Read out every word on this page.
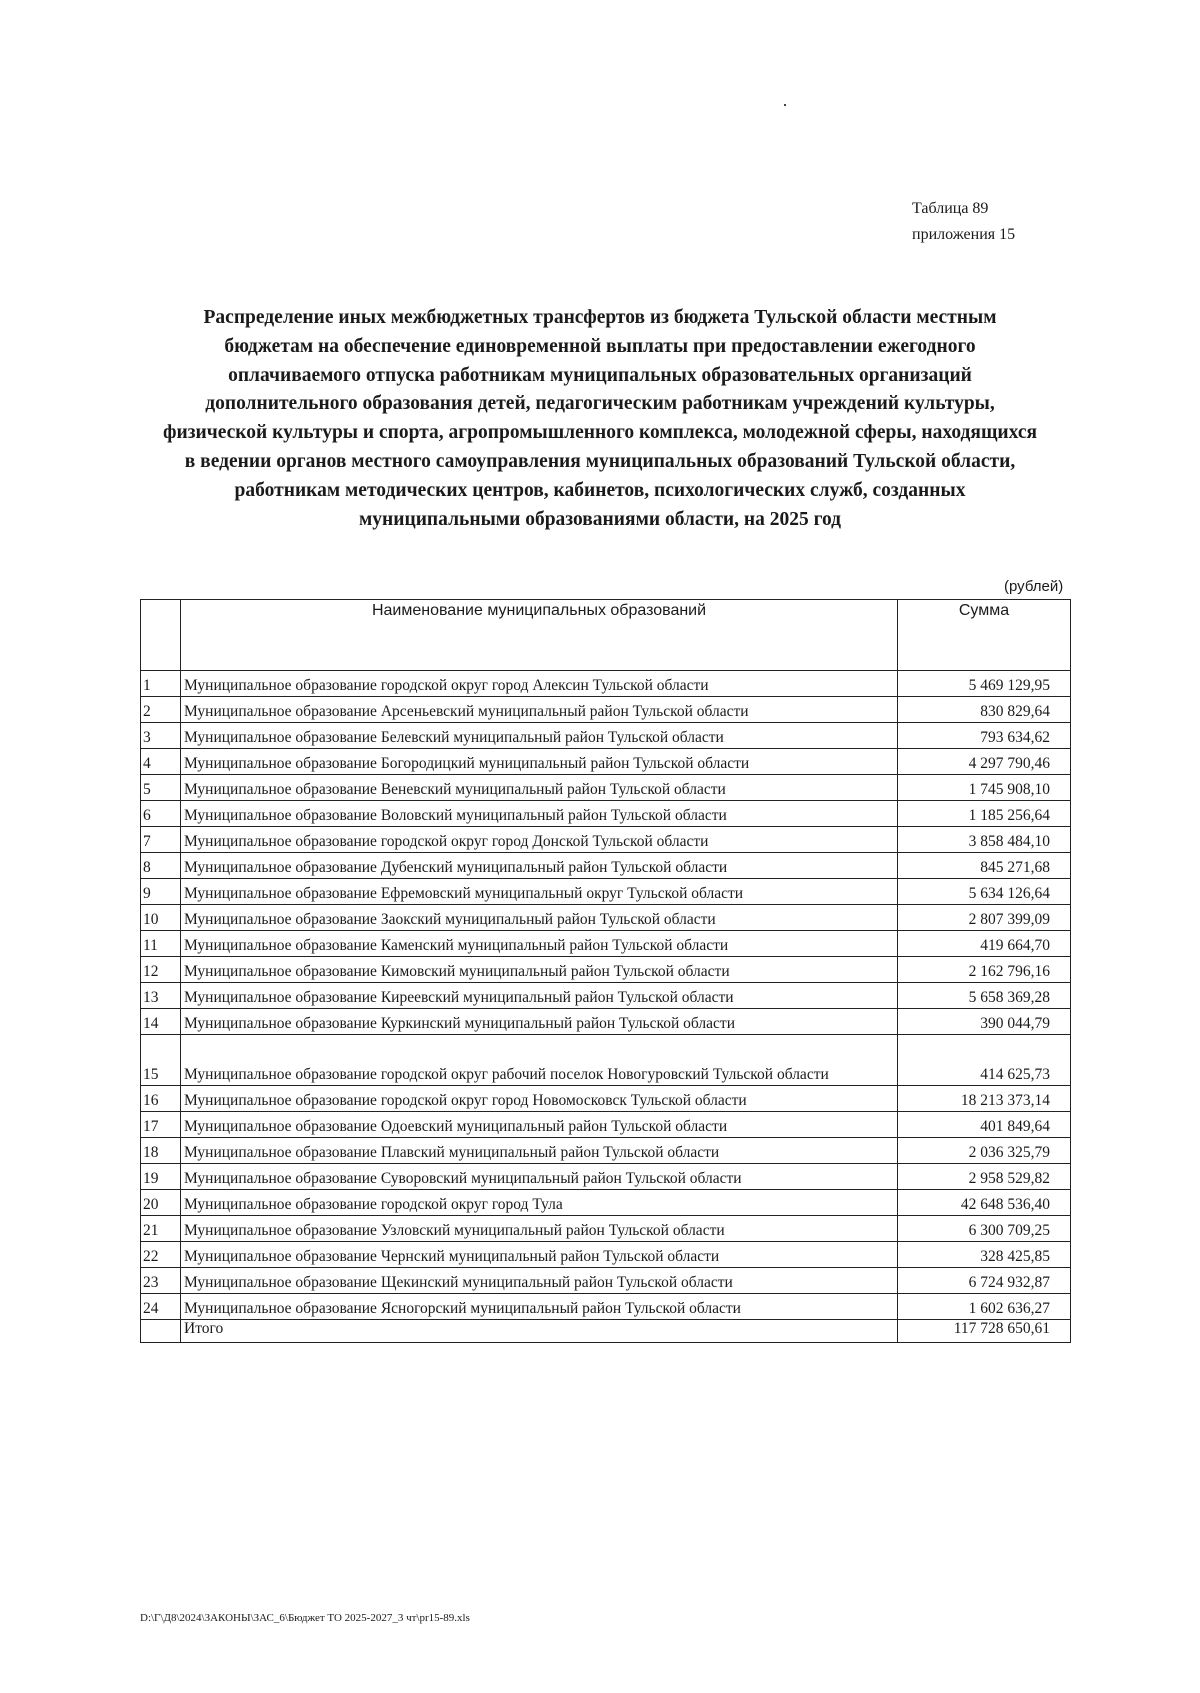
Таблица 89
приложения 15
Распределение иных межбюджетных трансфертов из бюджета Тульской области местным бюджетам на обеспечение единовременной выплаты при предоставлении ежегодного оплачиваемого отпуска работникам муниципальных образовательных организаций дополнительного образования детей, педагогическим работникам учреждений культуры, физической культуры и спорта, агропромышленного комплекса, молодежной сферы, находящихся в ведении органов местного самоуправления муниципальных образований Тульской области, работникам методических центров, кабинетов, психологических служб, созданных муниципальными образованиями области, на 2025 год
(рублей)
	Наименование муниципальных образований	Сумма
1	Муниципальное образование городской округ город Алексин Тульской области	5 469 129,95
2	Муниципальное образование Арсеньевский муниципальный район Тульской области	830 829,64
3	Муниципальное образование Белевский муниципальный район Тульской области	793 634,62
4	Муниципальное образование Богородицкий муниципальный район Тульской области	4 297 790,46
5	Муниципальное образование Веневский муниципальный район Тульской области	1 745 908,10
6	Муниципальное образование Воловский муниципальный район Тульской области	1 185 256,64
7	Муниципальное образование городской округ город Донской Тульской области	3 858 484,10
8	Муниципальное образование Дубенский муниципальный район Тульской области	845 271,68
9	Муниципальное образование Ефремовский муниципальный округ Тульской области	5 634 126,64
10	Муниципальное образование Заокский муниципальный район Тульской области	2 807 399,09
11	Муниципальное образование Каменский муниципальный район Тульской области	419 664,70
12	Муниципальное образование Кимовский муниципальный район Тульской области	2 162 796,16
13	Муниципальное образование Киреевский муниципальный район Тульской области	5 658 369,28
14	Муниципальное образование Куркинский муниципальный район Тульской области	390 044,79
15	Муниципальное образование городской округ рабочий поселок Новогуровский Тульской области	414 625,73
16	Муниципальное образование городской округ город Новомосковск Тульской области	18 213 373,14
17	Муниципальное образование Одоевский муниципальный район Тульской области	401 849,64
18	Муниципальное образование Плавский муниципальный район Тульской области	2 036 325,79
19	Муниципальное образование Суворовский муниципальный район Тульской области	2 958 529,82
20	Муниципальное образование городской округ город Тула	42 648 536,40
21	Муниципальное образование Узловский муниципальный район Тульской области	6 300 709,25
22	Муниципальное образование Чернский муниципальный район Тульской области	328 425,85
23	Муниципальное образование Щекинский муниципальный район Тульской области	6 724 932,87
24	Муниципальное образование Ясногорский муниципальный район Тульской области	1 602 636,27
	Итого	117 728 650,61
D:\Г\Д8\2024\ЗАКОНЫ\ЗАС_6\Бюджет ТО 2025-2027_3 чт\pr15-89.xls
